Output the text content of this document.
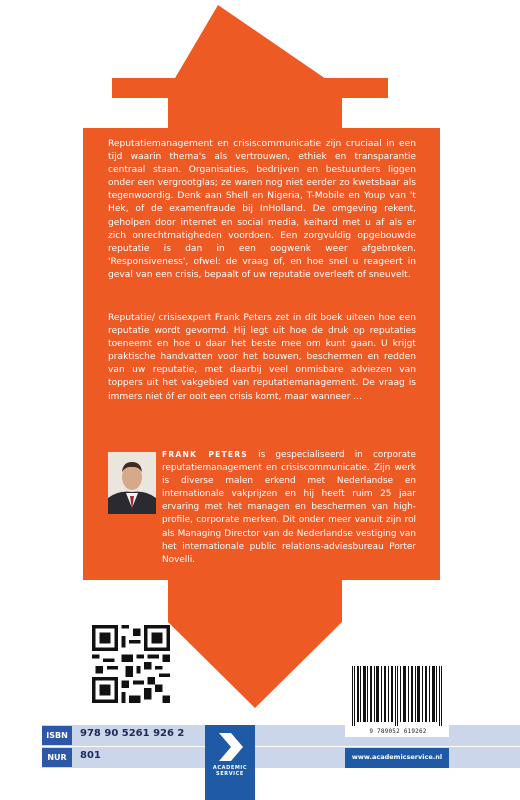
Reputatiemanagement en crisiscommunicatie zijn cruciaal in een tijd waarin thema's als vertrouwen, ethiek en transparantie centraal staan. Organisaties, bedrijven en bestuurders liggen onder een vergrootglas; ze waren nog niet eerder zo kwetsbaar als tegenwoordig. Denk aan Shell en Nigeria, T-Mobile en Youp van 't Hek, of de examenfraude bij InHolland. De omgeving rekent, geholpen door internet en social media, keihard met u af als er zich onrechtmatigheden voordoen. Een zorgvuldig opgebouwde reputatie is dan in een oogwenk weer afgebroken. 'Responsiveness', ofwel: de vraag of, en hoe snel u reageert in geval van een crisis, bepaalt of uw reputatie overleeft of sneuvelt.

Reputatie/ crisisexpert Frank Peters zet in dit boek uiteen hoe een reputatie wordt gevormd. Hij legt uit hoe de druk op reputaties toeneemt en hoe u daar het beste mee om kunt gaan. U krijgt praktische handvatten voor het bouwen, beschermen en redden van uw reputatie, met daarbij veel onmisbare adviezen van toppers uit het vakgebied van reputatiemanagement. De vraag is immers niet óf er ooit een crisis komt, maar wanneer ...

FRANK PETERS is gespecialiseerd in corporate reputatiemanagement en crisiscommunicatie. Zijn werk is diverse malen erkend met Nederlandse en internationale vakprijzen en hij heeft ruim 25 jaar ervaring met het managen en beschermen van high-profile, corporate merken. Dit onder meer vanuit zijn rol als Managing Director van de Nederlandse vestiging van het internationale public relations-adviesbureau Porter Novelli.

ISBN	978 90 5261 926 2
NUR	801
ACADEMIC
SERVICE
9 789052 619262
www.academicservice.nl
